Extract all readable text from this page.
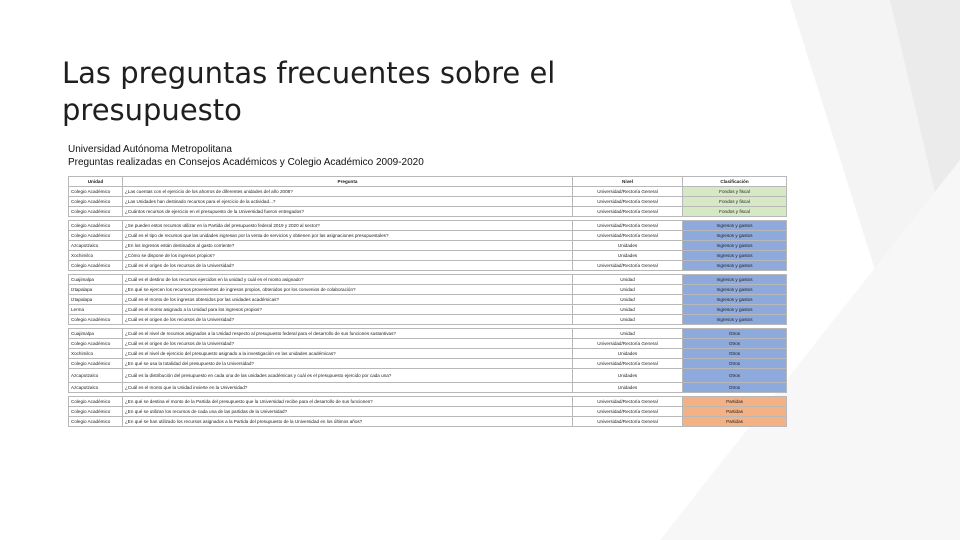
Las preguntas frecuentes sobre el presupuesto
Universidad Autónoma Metropolitana
Preguntas realizadas en Consejos Académicos y Colegio Académico 2009-2020
Unidad	Pregunta	Nivel	Clasificación
Colegio Académico	¿Las cuentas con el ejercicio de los ahorros de diferentes unidades del año 2008?	Universidad/Rectoría General	Fondos y fiscal
Colegio Académico	¿Las Unidades han destinado recursos para el ejercicio de la actividad...?	Universidad/Rectoría General	Fondos y fiscal
Colegio Académico	¿Cuántos recursos de ejercicio en el presupuesto de la Universidad fueron entregados?	Universidad/Rectoría General	Fondos y fiscal

Colegio Académico	¿Se pueden estos recursos utilizar en la Partida del presupuesto federal 2019 y 2020 al sector?	Universidad/Rectoría General	Ingresos y gastos
Colegio Académico	¿Cuál es el tipo de recursos que las unidades ingresan por la venta de servicios y obtienen por las asignaciones presupuestales?	Universidad/Rectoría General	Ingresos y gastos
Azcapotzalco	¿En los ingresos están destinados al gasto corriente?	Unidades	Ingresos y gastos
Xochimilco	¿Cómo se dispone de los ingresos propios?	Unidades	Ingresos y gastos
Colegio Académico	¿Cuál es el origen de los recursos de la Universidad?	Universidad/Rectoría General	Ingresos y gastos

Cuajimalpa	¿Cuál es el destino de los recursos ejercidos en la unidad y cuál es el monto asignado?	Unidad	Ingresos y gastos
Iztapalapa	¿En qué se ejercen los recursos provenientes de ingresos propios, obtenidos por los convenios de colaboración?	Unidad	Ingresos y gastos
Iztapalapa	¿Cuál es el monto de los ingresos obtenidos por las unidades académicas?	Unidad	Ingresos y gastos
Lerma	¿Cuál es el monto asignado a la Unidad para los ingresos propios?	Unidad	Ingresos y gastos
Colegio Académico	¿Cuál es el origen de los recursos de la Universidad?	Unidad	Ingresos y gastos

Cuajimalpa	¿Cuál es el nivel de recursos asignados a la Unidad respecto al presupuesto federal para el desarrollo de sus funciones sustantivas?	Unidad	Otros
Colegio Académico	¿Cuál es el origen de los recursos de la Universidad?	Universidad/Rectoría General	Otros
Xochimilco	¿Cuál es el nivel de ejercicio del presupuesto asignado a la investigación en las unidades académicas?	Unidades	Otros
Colegio Académico	¿En qué se usa la totalidad del presupuesto de la Universidad?	Universidad/Rectoría General	Otros
Azcapotzalco	¿Cuál es la distribución del presupuesto en cada una de las unidades académicas y cuál es el presupuesto ejercido por cada una?	Unidades	Otros
Azcapotzalco	¿Cuál es el monto que la Unidad invierte en la Universidad?	Unidades	Otros

Colegio Académico	¿En qué se destina el monto de la Partida del presupuesto que la Universidad recibe para el desarrollo de sus funciones?	Universidad/Rectoría General	Partidas
Colegio Académico	¿En qué se utilizan los recursos de cada una de las partidas de la Universidad?	Universidad/Rectoría General	Partidas
Colegio Académico	¿En qué se han utilizado los recursos asignados a la Partida del presupuesto de la Universidad en los últimos años?	Universidad/Rectoría General	Partidas
